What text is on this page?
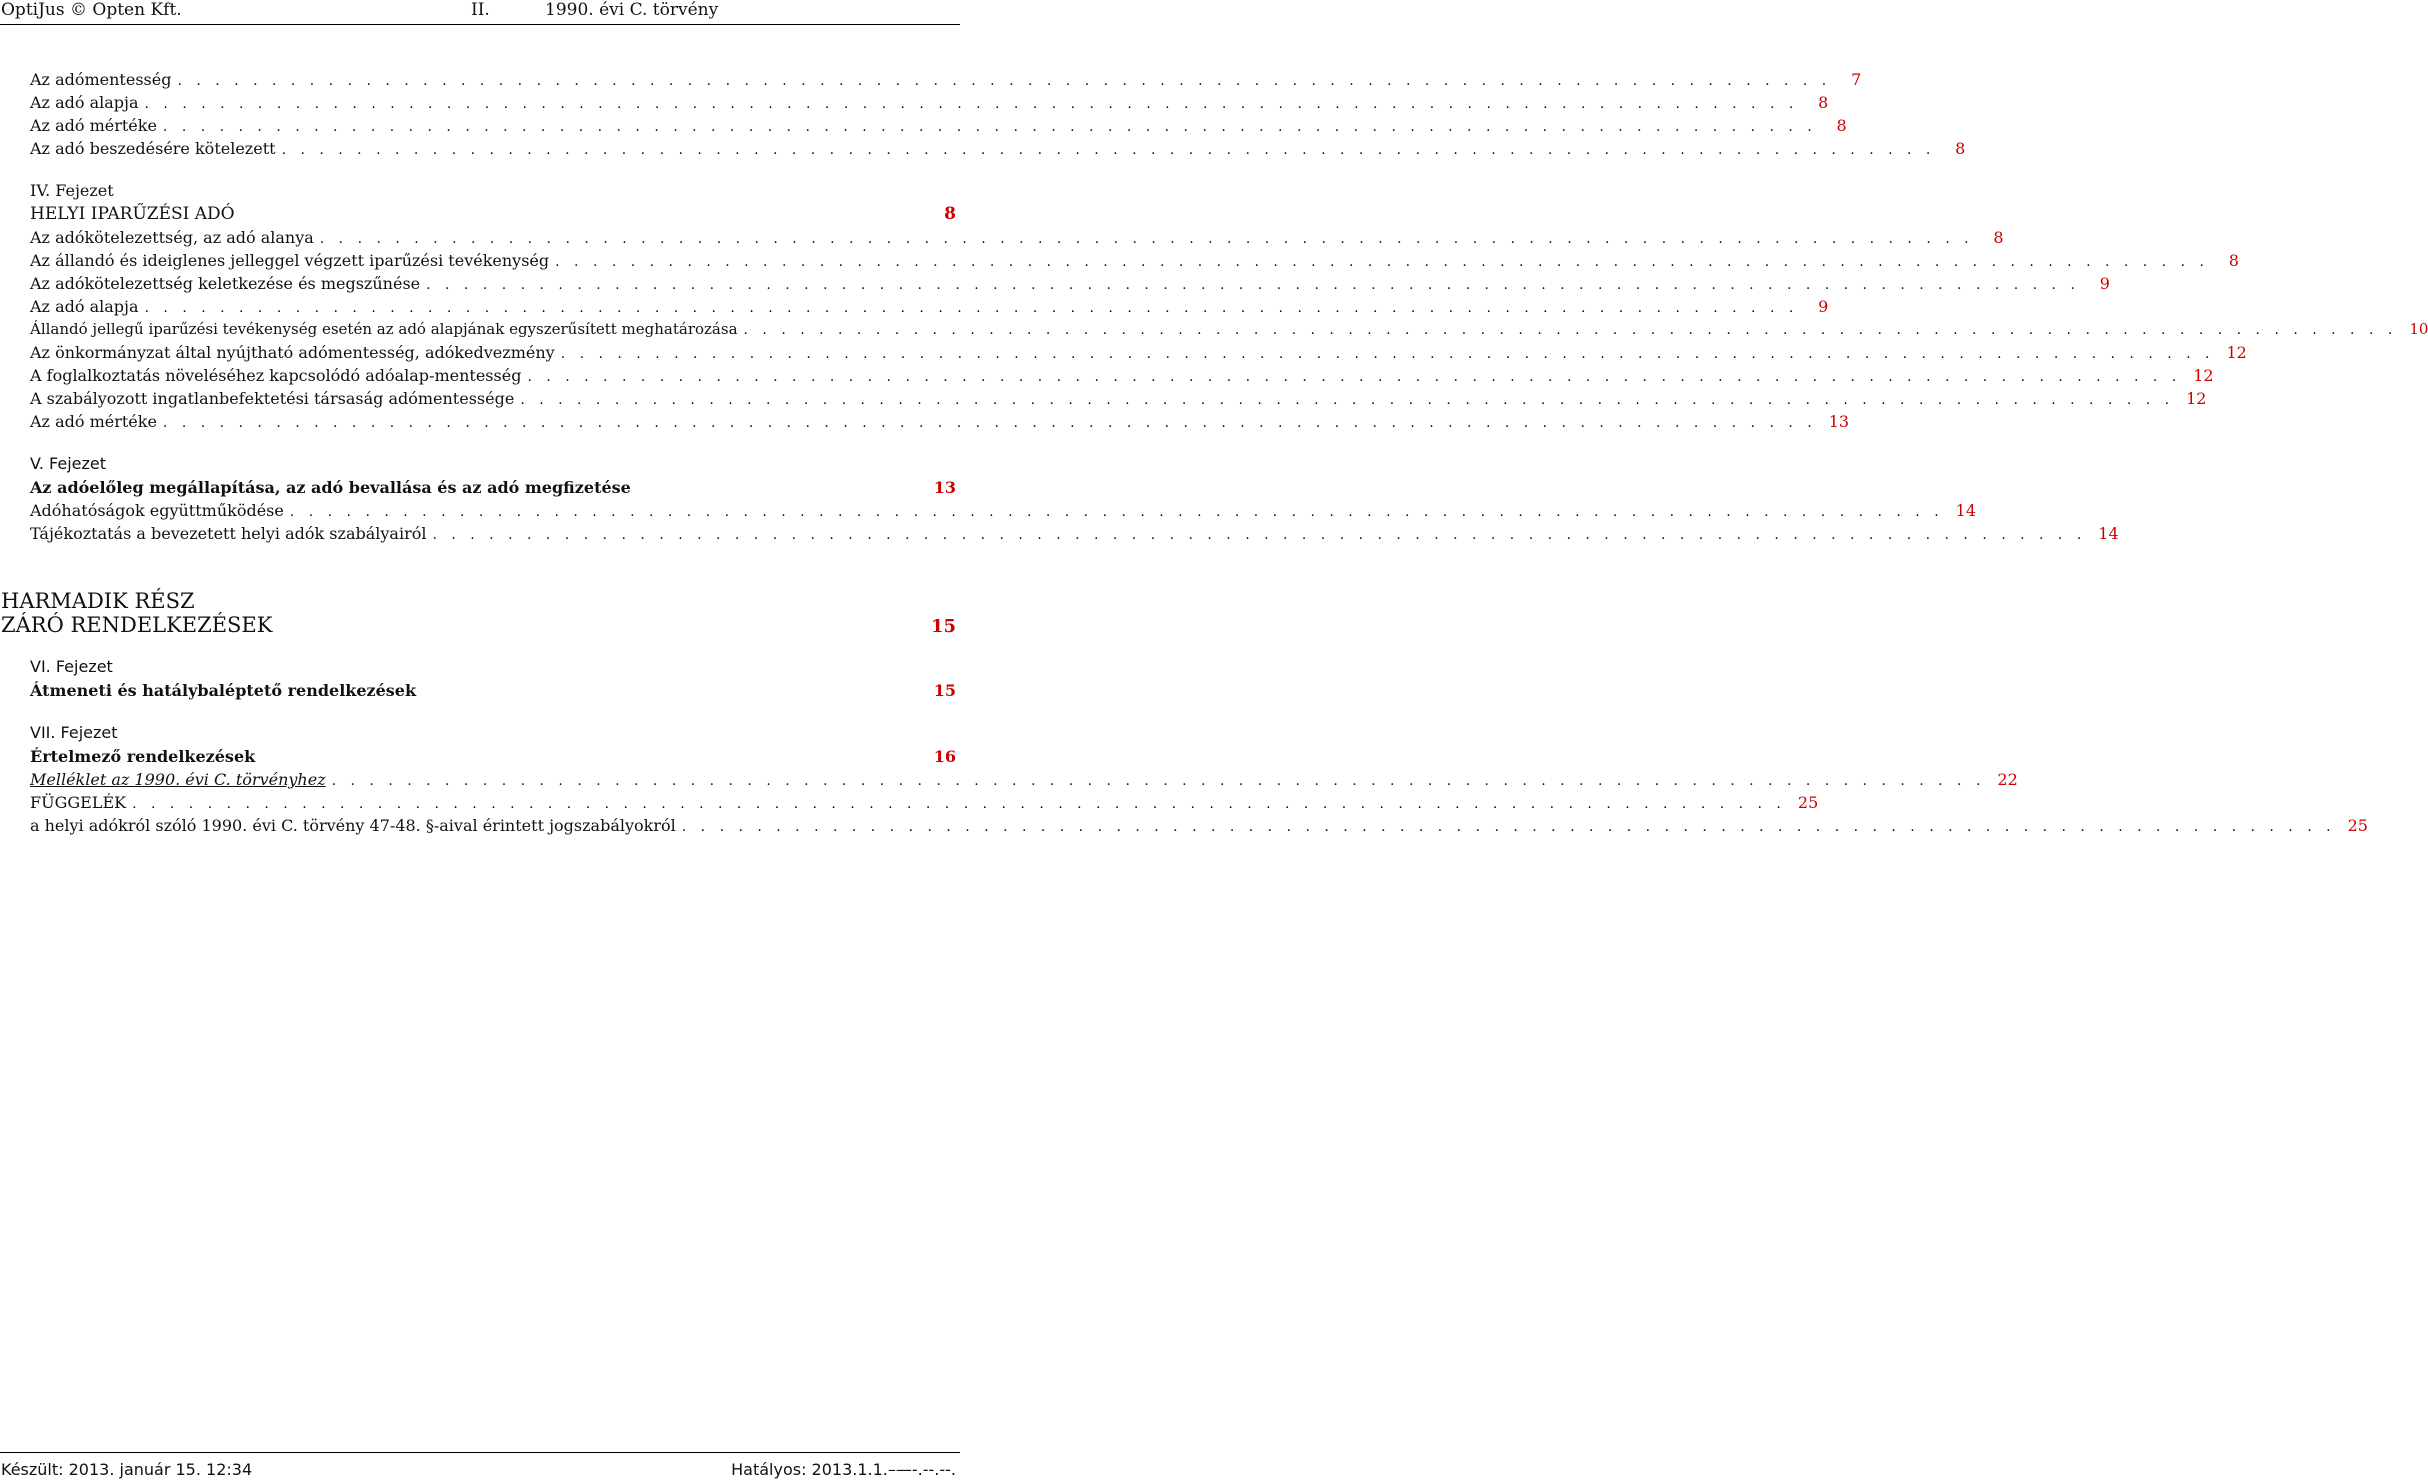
OptiJus © Opten Kft.	II.	1990. évi C. törvény
Az adómentesség . . . . . . . . . . . . . . . . . . . . . . . . . . . . . . . . . . . . . . . . . . . . . . . . . . . . . . . . . . . . . . . . . . . . . . . . . . . . . . . . . . . . . . . .	7
Az adó alapja . . . . . . . . . . . . . . . . . . . . . . . . . . . . . . . . . . . . . . . . . . . . . . . . . . . . . . . . . . . . . . . . . . . . . . . . . . . . . . . . . . . . . . . .	8
Az adó mértéke . . . . . . . . . . . . . . . . . . . . . . . . . . . . . . . . . . . . . . . . . . . . . . . . . . . . . . . . . . . . . . . . . . . . . . . . . . . . . . . . . . . . . . . .	8
Az adó beszedésére kötelezett . . . . . . . . . . . . . . . . . . . . . . . . . . . . . . . . . . . . . . . . . . . . . . . . . . . . . . . . . . . . . . . . . . . . . . . . . . . . . . . . . . . . . . . .	8
IV. Fejezet
HELYI IPARŰZÉSI ADÓ	8
Az adókötelezettség, az adó alanya . . . . . . . . . . . . . . . . . . . . . . . . . . . . . . . . . . . . . . . . . . . . . . . . . . . . . . . . . . . . . . . . . . . . . . . . . . . . . . . . . . . . . . . .	8
Az állandó és ideiglenes jelleggel végzett iparűzési tevékenység . . . . . . . . . . . . . . . . . . . . . . . . . . . . . . . . . . . . . . . . . . . . . . . . . . . . . . . . . . . . . . . . . . . . . . . . . . . . . . . . . . . . . . . .	8
Az adókötelezettség keletkezése és megszűnése . . . . . . . . . . . . . . . . . . . . . . . . . . . . . . . . . . . . . . . . . . . . . . . . . . . . . . . . . . . . . . . . . . . . . . . . . . . . . . . . . . . . . . . .	9
Az adó alapja . . . . . . . . . . . . . . . . . . . . . . . . . . . . . . . . . . . . . . . . . . . . . . . . . . . . . . . . . . . . . . . . . . . . . . . . . . . . . . . . . . . . . . . .	9
Állandó jellegű iparűzési tevékenység esetén az adó alapjának egyszerűsített meghatározása . . . . . . . . . . . . . . . . . . . . . . . . . . . . . . . . . . . . . . . . . . . . . . . . . . . . . . . . . . . . . . . . . . . . . . . . . . . . . . . . . . . . . . . . 10
Az önkormányzat által nyújtható adómentesség, adókedvezmény . . . . . . . . . . . . . . . . . . . . . . . . . . . . . . . . . . . . . . . . . . . . . . . . . . . . . . . . . . . . . . . . . . . . . . . . . . . . . . . . . . . . . . . . 12
A foglalkoztatás növeléséhez kapcsolódó adóalap-mentesség . . . . . . . . . . . . . . . . . . . . . . . . . . . . . . . . . . . . . . . . . . . . . . . . . . . . . . . . . . . . . . . . . . . . . . . . . . . . . . . . . . . . . . . . 12
A szabályozott ingatlanbefektetési társaság adómentessége . . . . . . . . . . . . . . . . . . . . . . . . . . . . . . . . . . . . . . . . . . . . . . . . . . . . . . . . . . . . . . . . . . . . . . . . . . . . . . . . . . . . . . . . 12
Az adó mértéke . . . . . . . . . . . . . . . . . . . . . . . . . . . . . . . . . . . . . . . . . . . . . . . . . . . . . . . . . . . . . . . . . . . . . . . . . . . . . . . . . . . . . . . . 13
V. Fejezet
Az adóelőleg megállapítása, az adó bevallása és az adó megfizetése	13
Adóhatóságok együttműködése . . . . . . . . . . . . . . . . . . . . . . . . . . . . . . . . . . . . . . . . . . . . . . . . . . . . . . . . . . . . . . . . . . . . . . . . . . . . . . . . . . . . . . . . 14
Tájékoztatás a bevezetett helyi adók szabályairól . . . . . . . . . . . . . . . . . . . . . . . . . . . . . . . . . . . . . . . . . . . . . . . . . . . . . . . . . . . . . . . . . . . . . . . . . . . . . . . . . . . . . . . . 14
HARMADIK RÉSZ
ZÁRÓ RENDELKEZÉSEK	15
VI. Fejezet
Átmeneti és hatálybaléptető rendelkezések	15
VII. Fejezet
Értelmező rendelkezések	16
Melléklet az 1990. évi C. törvényhez . . . . . . . . . . . . . . . . . . . . . . . . . . . . . . . . . . . . . . . . . . . . . . . . . . . . . . . . . . . . . . . . . . . . . . . . . . . . . . . . . . . . . . . . 22
FÜGGELÉK . . . . . . . . . . . . . . . . . . . . . . . . . . . . . . . . . . . . . . . . . . . . . . . . . . . . . . . . . . . . . . . . . . . . . . . . . . . . . . . . . . . . . . . . 25
a helyi adókról szóló 1990. évi C. törvény 47-48. §-aival érintett jogszabályokról . . . . . . . . . . . . . . . . . . . . . . . . . . . . . . . . . . . . . . . . . . . . . . . . . . . . . . . . . . . . . . . . . . . . . . . . . . . . . . . . . . . . . . . . 25
Készült: 2013. január 15. 12:34	Hatályos: 2013.1.1.–—-.--.--.
